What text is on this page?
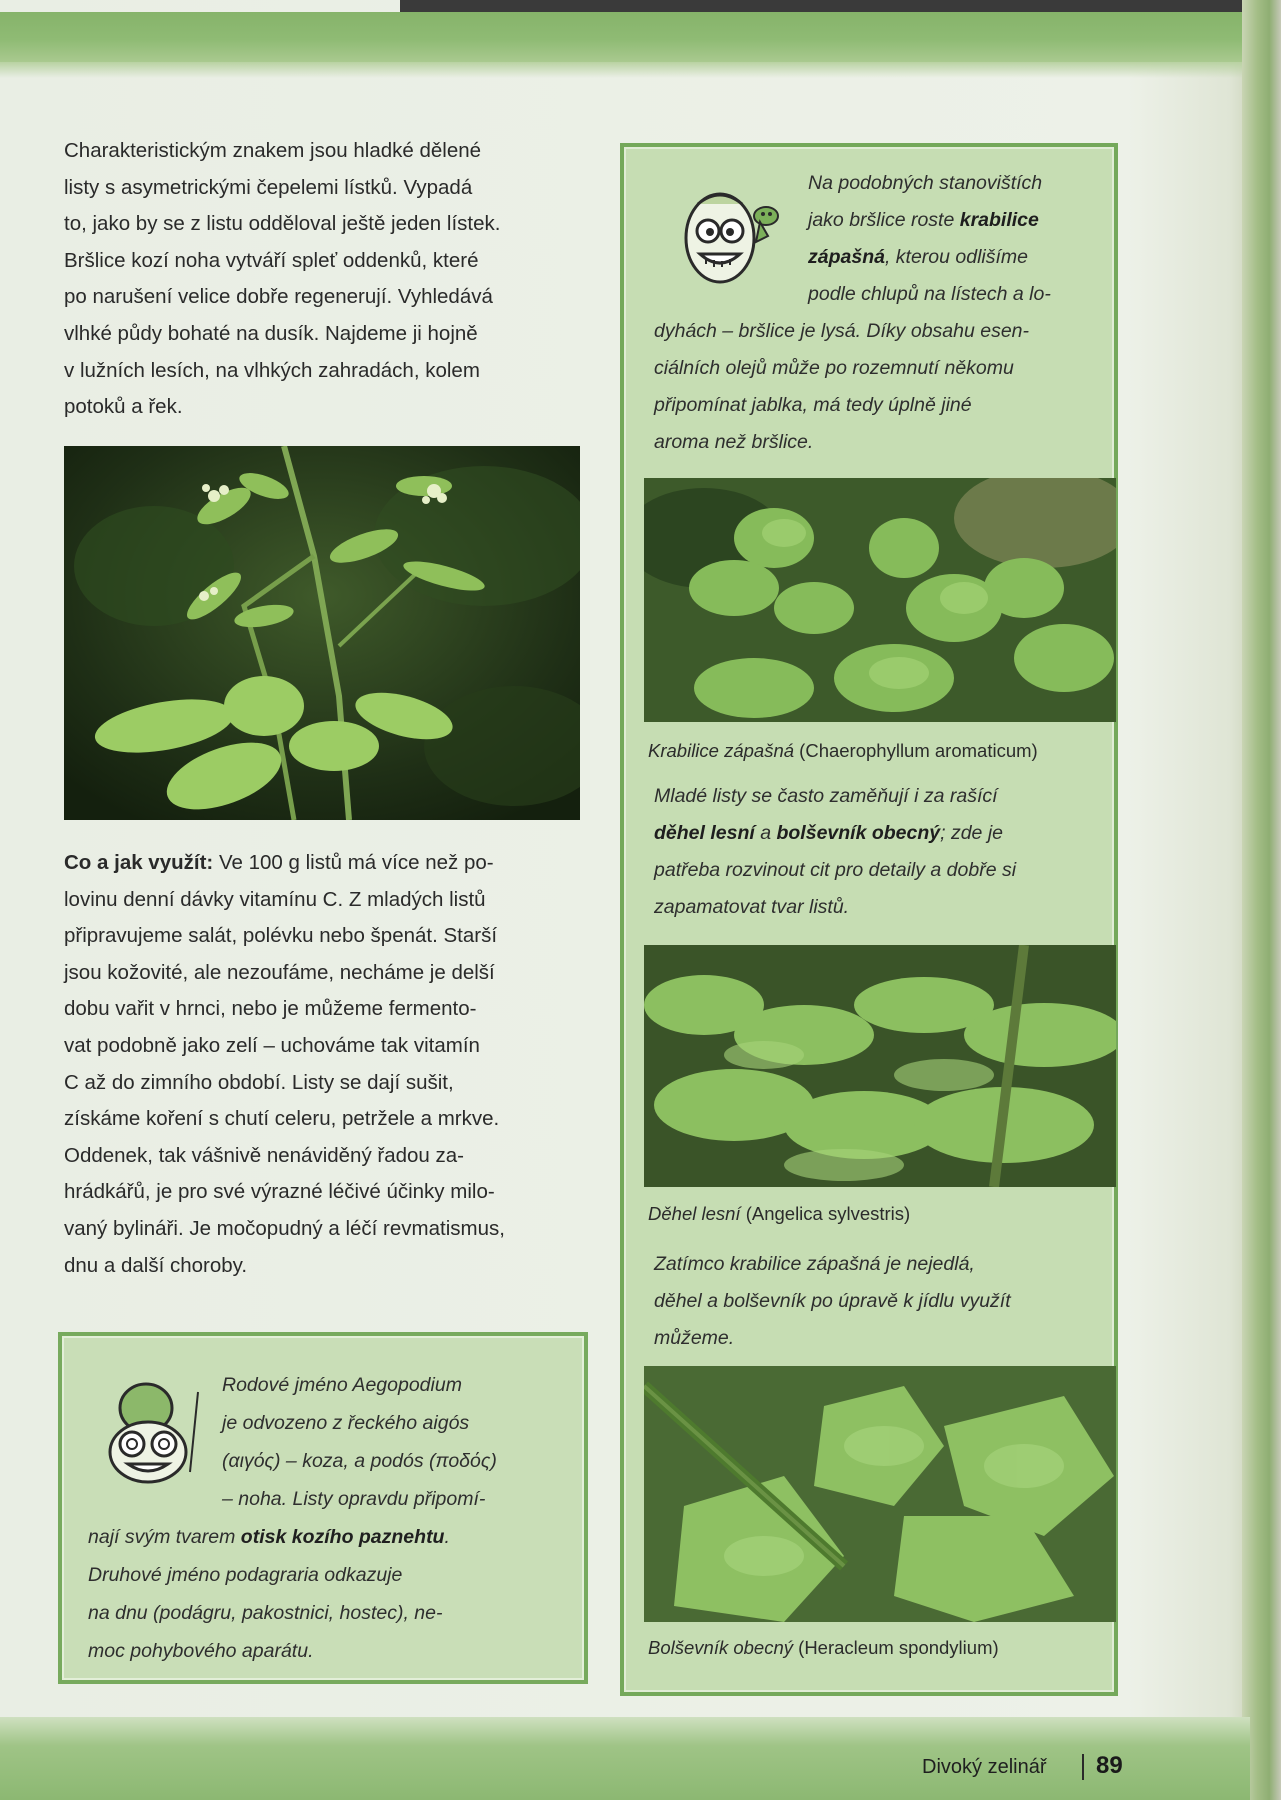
Charakteristickým znakem jsou hladké dělené
listy s asymetrickými čepelemi lístků. Vypadá
to, jako by se z listu odděloval ještě jeden lístek.
Bršlice kozí noha vytváří spleť oddenků, které
po narušení velice dobře regenerují. Vyhledává
vlhké půdy bohaté na dusík. Najdeme ji hojně
v lužních lesích, na vlhkých zahradách, kolem
potoků a řek.
Co a jak využít: Ve 100 g listů má více než po-
lovinu denní dávky vitamínu C. Z mladých listů
připravujeme salát, polévku nebo špenát. Starší
jsou kožovité, ale nezoufáme, necháme je delší
dobu vařit v hrnci, nebo je můžeme fermento-
vat podobně jako zelí – uchováme tak vitamín
C až do zimního období. Listy se dají sušit,
získáme koření s chutí celeru, petržele a mrkve.
Oddenek, tak vášnivě nenáviděný řadou za-
hrádkářů, je pro své výrazné léčivé účinky milo-
vaný bylináři. Je močopudný a léčí revmatismus,
dnu a další choroby.
Na podobných stanovištích
jako bršlice roste krabilice
zápašná, kterou odlišíme
podle chlupů na lístech a lo-
dyhách – bršlice je lysá. Díky obsahu esen-
ciálních olejů může po rozemnutí někomu
připomínat jablka, má tedy úplně jiné
aroma než bršlice.
Krabilice zápašná (Chaerophyllum aromaticum)
Mladé listy se často zaměňují i za rašící
děhel lesní a bolševník obecný; zde je
patřeba rozvinout cit pro detaily a dobře si
zapamatovat tvar listů.
Děhel lesní (Angelica sylvestris)
Zatímco krabilice zápašná je nejedlá,
děhel a bolševník po úpravě k jídlu využít
můžeme.
Bolševník obecný (Heracleum spondylium)
Rodové jméno Aegopodium
je odvozeno z řeckého aigós
(αιγός) – koza, a podós (ποδός)
– noha. Listy opravdu připomí-
nají svým tvarem otisk kozího paznehtu.
Druhové jméno podagraria odkazuje
na dnu (podágru, pakostnici, hostec), ne-
moc pohybového aparátu.
Divoký zelinář 89
